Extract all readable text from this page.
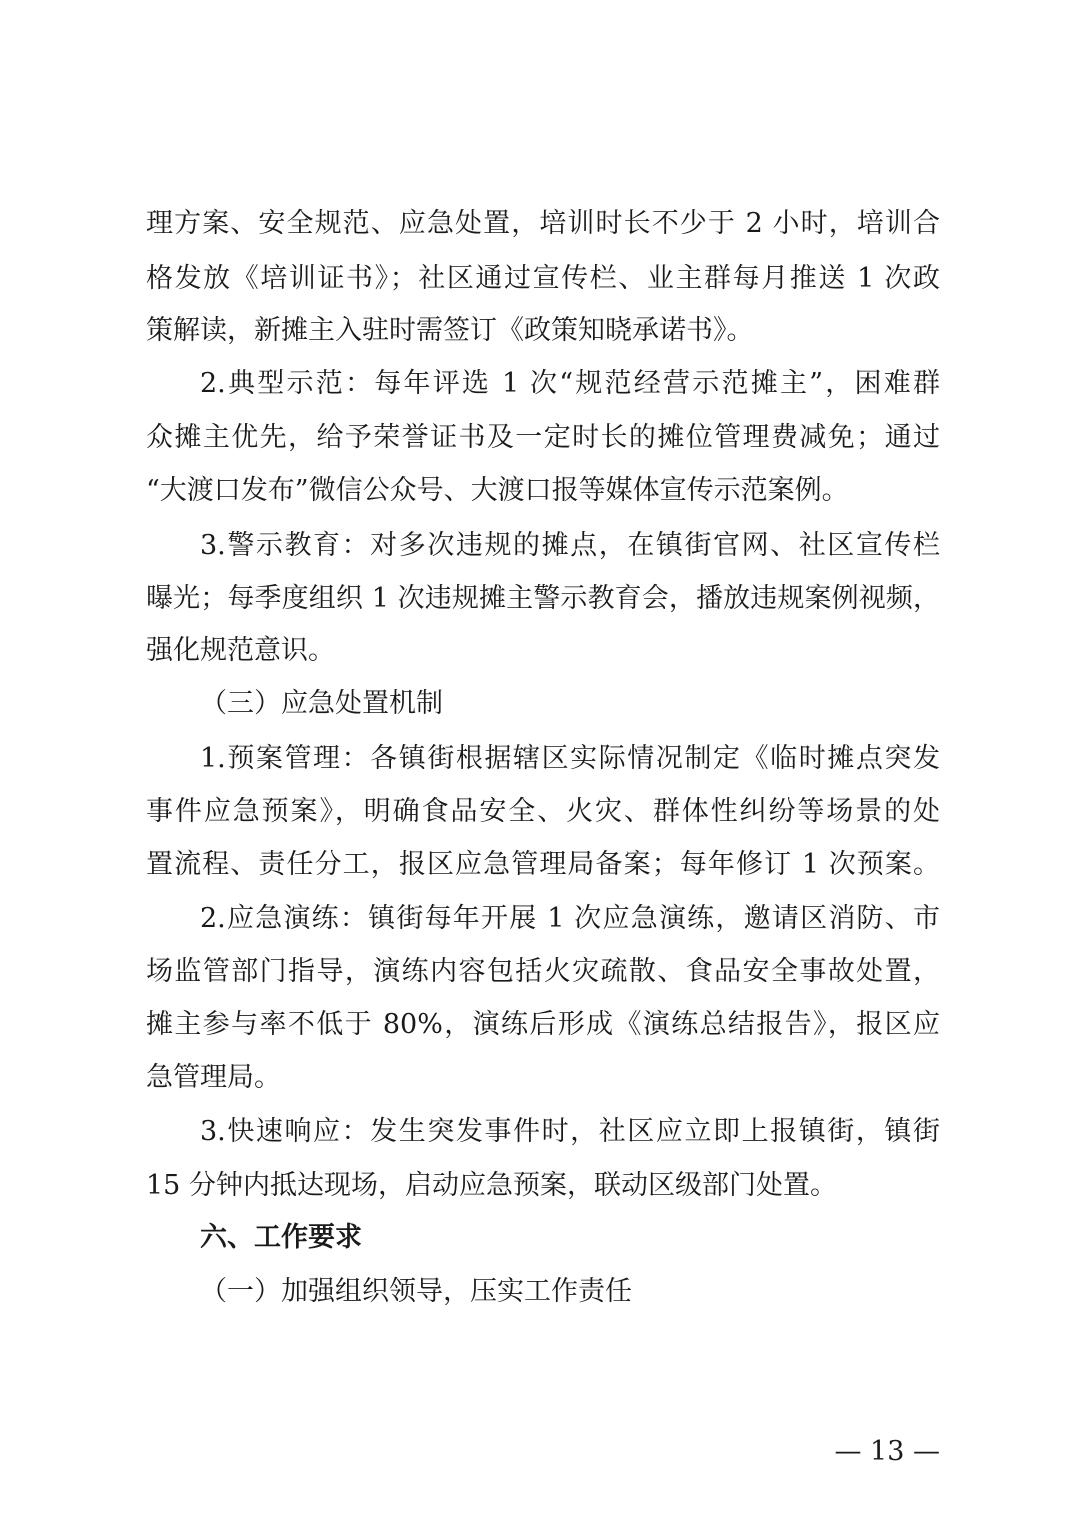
理方案、安全规范、应急处置，培训时长不少于 2 小时，培训合
格发放《培训证书》；社区通过宣传栏、业主群每月推送 1 次政
策解读，新摊主入驻时需签订《政策知晓承诺书》。
2.典型示范：每年评选 1 次“规范经营示范摊主”，困难群
众摊主优先，给予荣誉证书及一定时长的摊位管理费减免；通过
“大渡口发布”微信公众号、大渡口报等媒体宣传示范案例。
3.警示教育：对多次违规的摊点，在镇街官网、社区宣传栏
曝光；每季度组织 1 次违规摊主警示教育会，播放违规案例视频，
强化规范意识。
（三）应急处置机制
1.预案管理：各镇街根据辖区实际情况制定《临时摊点突发
事件应急预案》，明确食品安全、火灾、群体性纠纷等场景的处
置流程、责任分工，报区应急管理局备案；每年修订 1 次预案。
2.应急演练：镇街每年开展 1 次应急演练，邀请区消防、市
场监管部门指导，演练内容包括火灾疏散、食品安全事故处置，
摊主参与率不低于 80%，演练后形成《演练总结报告》，报区应
急管理局。
3.快速响应：发生突发事件时，社区应立即上报镇街，镇街
15 分钟内抵达现场，启动应急预案，联动区级部门处置。
六、工作要求
（一）加强组织领导，压实工作责任
— 13 —
